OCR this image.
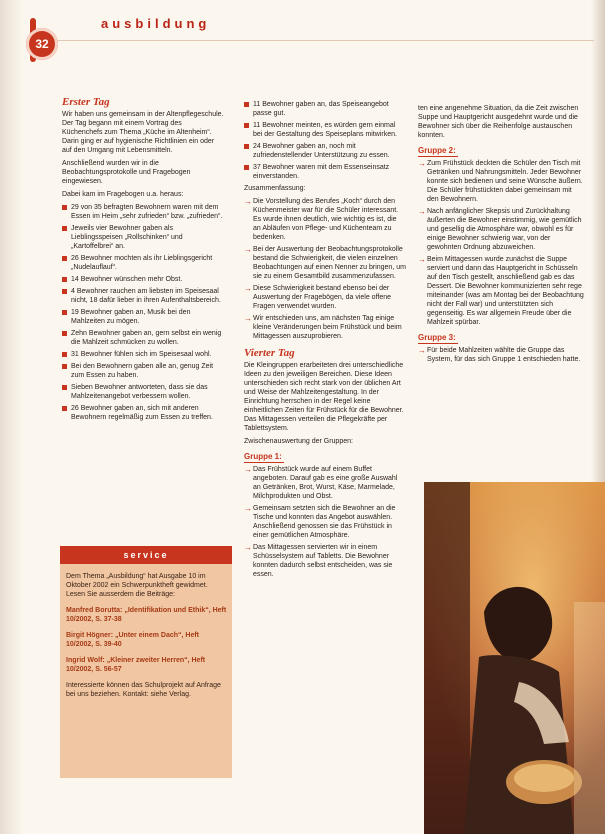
32
ausbildung
Erster Tag

Wir haben uns gemeinsam in der Altenpflegeschule. Der Tag begann mit einem Vortrag des Küchenchefs zum Thema „Küche im Altenheim“. Darin ging er auf hygienische Richtlinien ein oder auf den Umgang mit Lebensmitteln.

Anschließend wurden wir in die Beobachtungsprotokolle und Fragebogen eingewiesen.

Dabei kam im Fragebogen u.a. heraus:

29 von 35 befragten Bewohnern waren mit dem Essen im Heim „sehr zufrieden“ bzw. „zufrieden“.
Jeweils vier Bewohner gaben als Lieblingsspeisen „Rollschinken“ und „Kartoffelbrei“ an.
26 Bewohner mochten als ihr Lieblingsgericht „Nudelauflauf“.
14 Bewohner wünschen mehr Obst.
4 Bewohner rauchen am liebsten im Speisesaal nicht, 18 dafür lieber in ihren Aufenthaltsbereich.
19 Bewohner gaben an, Musik bei den Mahlzeiten zu mögen.
Zehn Bewohner gaben an, gern selbst ein wenig die Mahlzeit schmücken zu wollen.
31 Bewohner fühlen sich im Speisesaal wohl.
Bei den Bewohnern gaben alle an, genug Zeit zum Essen zu haben.
Sieben Bewohner antworteten, dass sie das Mahlzeitenangebot verbessern wollen.
26 Bewohner gaben an, sich mit anderen Bewohnern regelmäßig zum Essen zu treffen.
service

Dem Thema „Ausbildung“ hat Ausgabe 10 im Oktober 2002 ein Schwerpunktheft gewidmet. Lesen Sie ausserdem die Beiträge:

Manfred Borutta: „Identifikation und Ethik“, Heft 10/2002, S. 37-38

Birgit Högner: „Unter einem Dach“, Heft 10/2002, S. 39-40

Ingrid Wolf: „Kleiner zweiter Herren“, Heft 10/2002, S. 56-57

Interessierte können das Schulprojekt auf Anfrage bei uns beziehen. Kontakt: siehe Verlag.

11 Bewohner gaben an, das Speiseangebot passe gut.
11 Bewohner meinten, es würden gern einmal bei der Gestaltung des Speiseplans mitwirken.
24 Bewohner gaben an, noch mit zufriedenstellender Unterstützung zu essen.
37 Bewohner waren mit dem Essenseinsatz einverstanden.

Zusammenfassung:

→ Die Vorstellung des Berufes „Koch“ durch den Küchenmeister war für die Schüler interessant. Es wurde ihnen deutlich, wie wichtig es ist, die an Abläufen von Pflege- und Küchenteam zu bedenken.
→ Bei der Auswertung der Beobachtungsprotokolle bestand die Schwierigkeit, die vielen einzelnen Beobachtungen auf einen Nenner zu bringen, um sie zu einem Gesamtbild zusammenzufassen.
→ Diese Schwierigkeit bestand ebenso bei der Auswertung der Fragebögen, da viele offene Fragen verwendet wurden.
→ Wir entschieden uns, am nächsten Tag einige kleine Veränderungen beim Frühstück und beim Mittagessen auszuprobieren.
Vierter Tag

Die Kleingruppen erarbeiteten drei unterschiedliche Ideen zu den jeweiligen Bereichen. Diese Ideen unterschieden sich recht stark von der üblichen Art und Weise der Mahlzeitengestaltung. In der Einrichtung herrschen in der Regel keine einheitlichen Zeiten für Frühstück für die Bewohner. Das Mittagessen verteilen die Pflegekräfte per Tablettsystem.

Zwischenauswertung der Gruppen:

Gruppe 1:
→ Das Frühstück wurde auf einem Buffet angeboten. Darauf gab es eine große Auswahl an Getränken, Brot, Wurst, Käse, Marmelade, Milchprodukten und Obst.
→ Gemeinsam setzten sich die Bewohner an die Tische und konnten das Angebot auswählen. Anschließend genossen sie das Frühstück in einer gemütlichen Atmosphäre.
→ Das Mittagessen servierten wir in einem Schüsselsystem auf Tabletts. Die Bewohner konnten dadurch selbst entscheiden, was sie essen.

ten eine angenehme Situation, da die Zeit zwischen Suppe und Hauptgericht ausgedehnt wurde und die Bewohner sich über die Reihenfolge austauschen konnten.

Gruppe 2:
→ Zum Frühstück deckten die Schüler den Tisch mit Getränken und Nahrungsmitteln. Jeder Bewohner konnte sich bedienen und seine Wünsche äußern. Die Schüler frühstückten dabei gemeinsam mit den Bewohnern.
→ Nach anfänglicher Skepsis und Zurückhaltung äußerten die Bewohner einstimmig, wie gemütlich und gesellig die Atmosphäre war, obwohl es für einige Bewohner schwierig war, von der gewohnten Ordnung abzuweichen.
→ Beim Mittagessen wurde zunächst die Suppe serviert und dann das Hauptgericht in Schüsseln auf den Tisch gestellt, anschließend gab es das Dessert. Die Bewohner kommunizierten sehr rege miteinander (was am Montag bei der Beobachtung nicht der Fall war) und unterstützten sich gegenseitig. Es war allgemein Freude über die Mahlzeit spürbar.
Gruppe 3:
→ Für beide Mahlzeiten wählte die Gruppe das System, für das sich Gruppe 1 entschieden hatte.
